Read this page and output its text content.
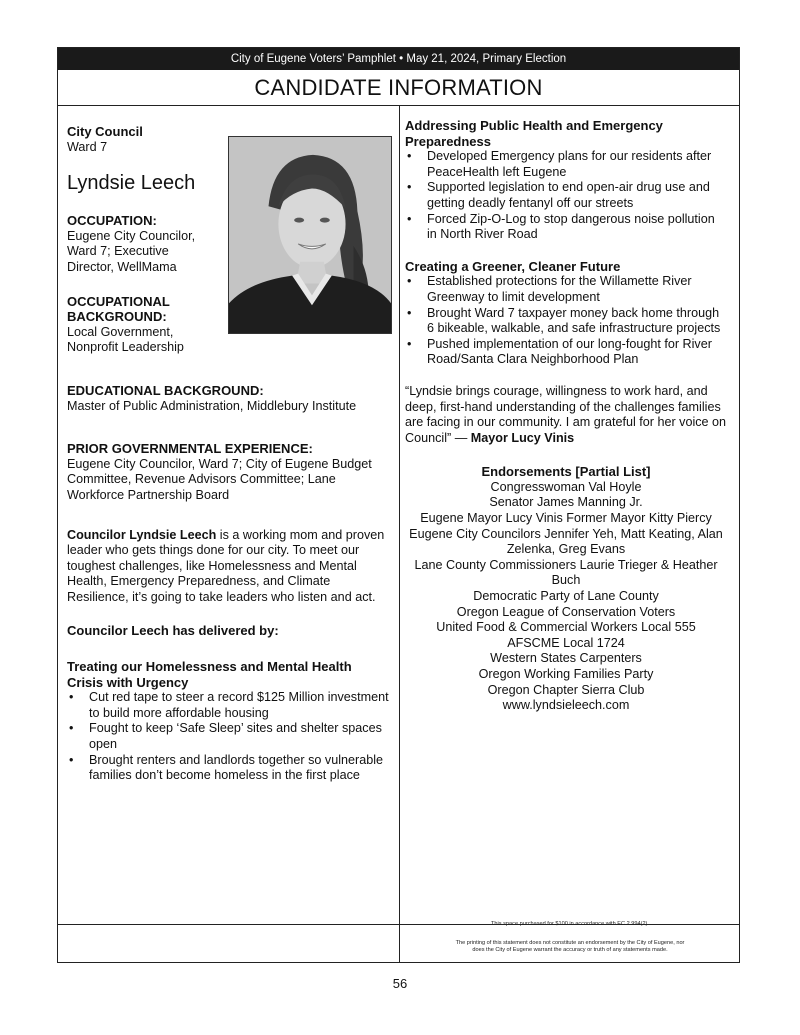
City of Eugene Voters’ Pamphlet • May 21, 2024, Primary Election
CANDIDATE INFORMATION
City Council
Ward 7
Lyndsie Leech
OCCUPATION:
Eugene City Councilor, Ward 7; Executive Director, WellMama
OCCUPATIONAL
BACKGROUND:
Local Government, Nonprofit Leadership
EDUCATIONAL BACKGROUND:
Master of Public Administration, Middlebury Institute
PRIOR GOVERNMENTAL EXPERIENCE:
Eugene City Councilor, Ward 7; City of Eugene Budget Committee, Revenue Advisors Committee; Lane Workforce Partnership Board
Councilor Lyndsie Leech is a working mom and proven leader who gets things done for our city. To meet our toughest challenges, like Homelessness and Mental Health, Emergency Preparedness, and Climate Resilience, it’s going to take leaders who listen and act.
Councilor Leech has delivered by:
Treating our Homelessness and Mental Health Crisis with Urgency
• Cut red tape to steer a record $125 Million investment to build more affordable housing
• Fought to keep ‘Safe Sleep’ sites and shelter spaces open
• Brought renters and landlords together so vulnerable families don’t become homeless in the first place
Addressing Public Health and Emergency Preparedness
• Developed Emergency plans for our residents after PeaceHealth left Eugene
• Supported legislation to end open-air drug use and getting deadly fentanyl off our streets
• Forced Zip-O-Log to stop dangerous noise pollution in North River Road
Creating a Greener, Cleaner Future
• Established protections for the Willamette River Greenway to limit development
• Brought Ward 7 taxpayer money back home through 6 bikeable, walkable, and safe infrastructure projects
• Pushed implementation of our long-fought for River Road/Santa Clara Neighborhood Plan
“Lyndsie brings courage, willingness to work hard, and deep, first-hand understanding of the challenges families are facing in our community. I am grateful for her voice on Council” — Mayor Lucy Vinis
Endorsements [Partial List]
Congresswoman Val Hoyle
Senator James Manning Jr.
Eugene Mayor Lucy Vinis Former Mayor Kitty Piercy
Eugene City Councilors Jennifer Yeh, Matt Keating, Alan Zelenka, Greg Evans
Lane County Commissioners Laurie Trieger & Heather Buch
Democratic Party of Lane County
Oregon League of Conservation Voters
United Food & Commercial Workers Local 555
AFSCME Local 1724
Western States Carpenters
Oregon Working Families Party
Oregon Chapter Sierra Club
www.lyndsieleech.com
This space purchased for $100 in accordance with EC 2.994(2).
The printing of this statement does not constitute an endorsement by the City of Eugene, nor
does the City of Eugene warrant the accuracy or truth of any statements made.
56
